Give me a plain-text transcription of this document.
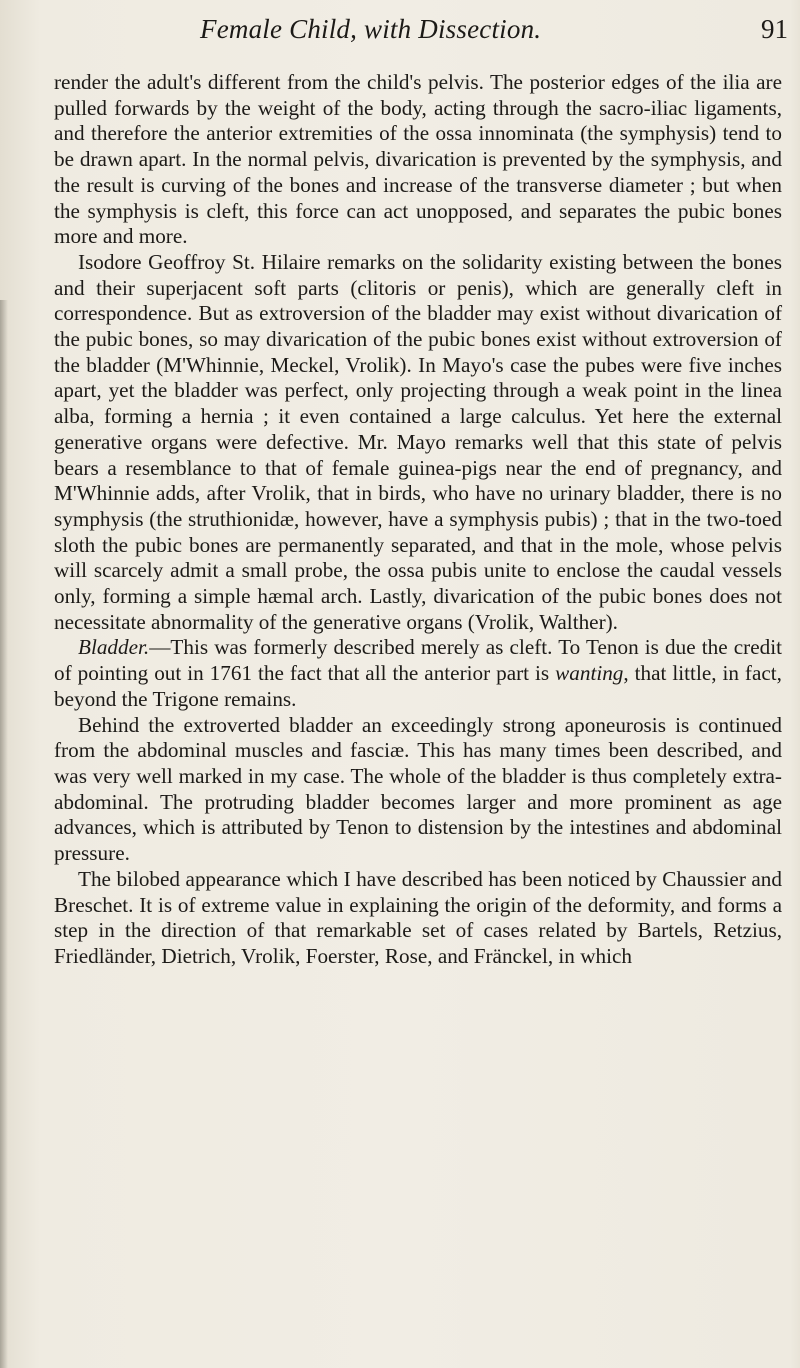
Female Child, with Dissection.	91

render the adult's different from the child's pelvis. The posterior edges of the ilia are pulled forwards by the weight of the body, acting through the sacro-iliac ligaments, and therefore the anterior extremities of the ossa innominata (the symphysis) tend to be drawn apart. In the normal pelvis, divarication is prevented by the symphysis, and the result is curving of the bones and increase of the transverse diameter ; but when the symphysis is cleft, this force can act unopposed, and separates the pubic bones more and more.

Isodore Geoffroy St. Hilaire remarks on the solidarity existing between the bones and their superjacent soft parts (clitoris or penis), which are generally cleft in correspondence. But as extroversion of the bladder may exist without divarication of the pubic bones, so may divarication of the pubic bones exist without extroversion of the bladder (M'Whinnie, Meckel, Vrolik). In Mayo's case the pubes were five inches apart, yet the bladder was perfect, only projecting through a weak point in the linea alba, forming a hernia ; it even contained a large calculus. Yet here the external generative organs were defective. Mr. Mayo remarks well that this state of pelvis bears a resemblance to that of female guinea-pigs near the end of pregnancy, and M'Whinnie adds, after Vrolik, that in birds, who have no urinary bladder, there is no symphysis (the struthionidæ, however, have a symphysis pubis) ; that in the two-toed sloth the pubic bones are permanently separated, and that in the mole, whose pelvis will scarcely admit a small probe, the ossa pubis unite to enclose the caudal vessels only, forming a simple hæmal arch. Lastly, divarication of the pubic bones does not necessitate abnormality of the generative organs (Vrolik, Walther).

Bladder.—This was formerly described merely as cleft. To Tenon is due the credit of pointing out in 1761 the fact that all the anterior part is wanting, that little, in fact, beyond the Trigone remains.

Behind the extroverted bladder an exceedingly strong aponeurosis is continued from the abdominal muscles and fasciæ. This has many times been described, and was very well marked in my case. The whole of the bladder is thus completely extra-abdominal. The protruding bladder becomes larger and more prominent as age advances, which is attributed by Tenon to distension by the intestines and abdominal pressure.

The bilobed appearance which I have described has been noticed by Chaussier and Breschet. It is of extreme value in explaining the origin of the deformity, and forms a step in the direction of that remarkable set of cases related by Bartels, Retzius, Friedländer, Dietrich, Vrolik, Foerster, Rose, and Fränckel, in which
